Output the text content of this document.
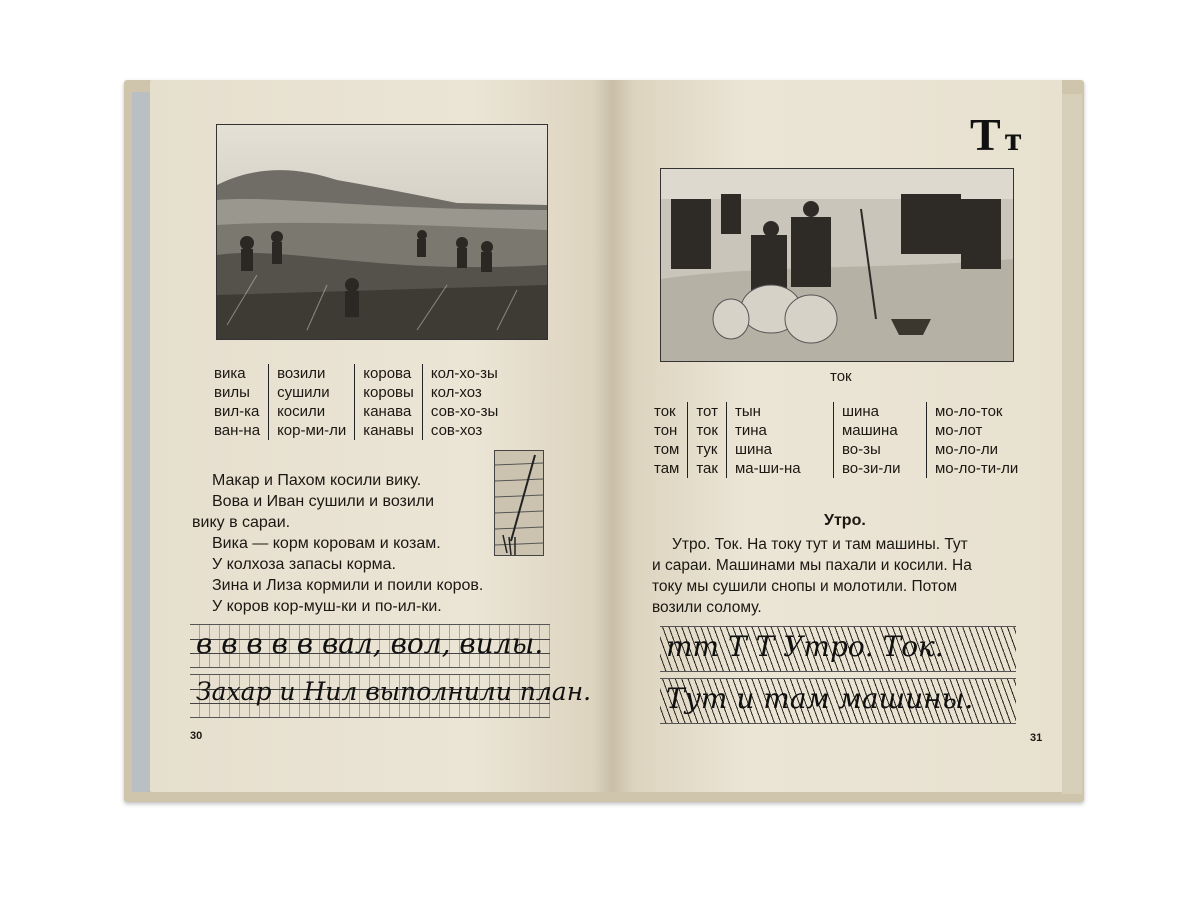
вика
вилы
вил-ка
ван-на
возили
сушили
косили
кор-ми-ли
корова
коровы
канава
канавы
кол-хо-зы
кол-хоз
сов-хо-зы
сов-хоз
Макар и Пахом косили вику.
Вова и Иван сушили и возили
вику в сараи.
Вика — корм коровам и козам.
У колхоза запасы корма.
Зина и Лиза кормили и поили коров.
У коров кор-муш-ки и по-ил-ки.
в в в в в вал, вол, вилы.
Захар и Нил выполнили план.
30
Т т
ток
ток
тон
том
там
тот
ток
тук
так
тын
тина
шина
ма-ши-на
шина
машина
во-зы
во-зи-ли
мо-ло-ток
мо-лот
мо-ло-ли
мо-ло-ти-ли
Утро.
Утро. Ток. На току тут и там машины. Тут
и сараи. Машинами мы пахали и косили. На
току мы сушили снопы и молотили. Потом
возили солому.
тт Т Т Утро. Ток.
Тут и там машины.
31
